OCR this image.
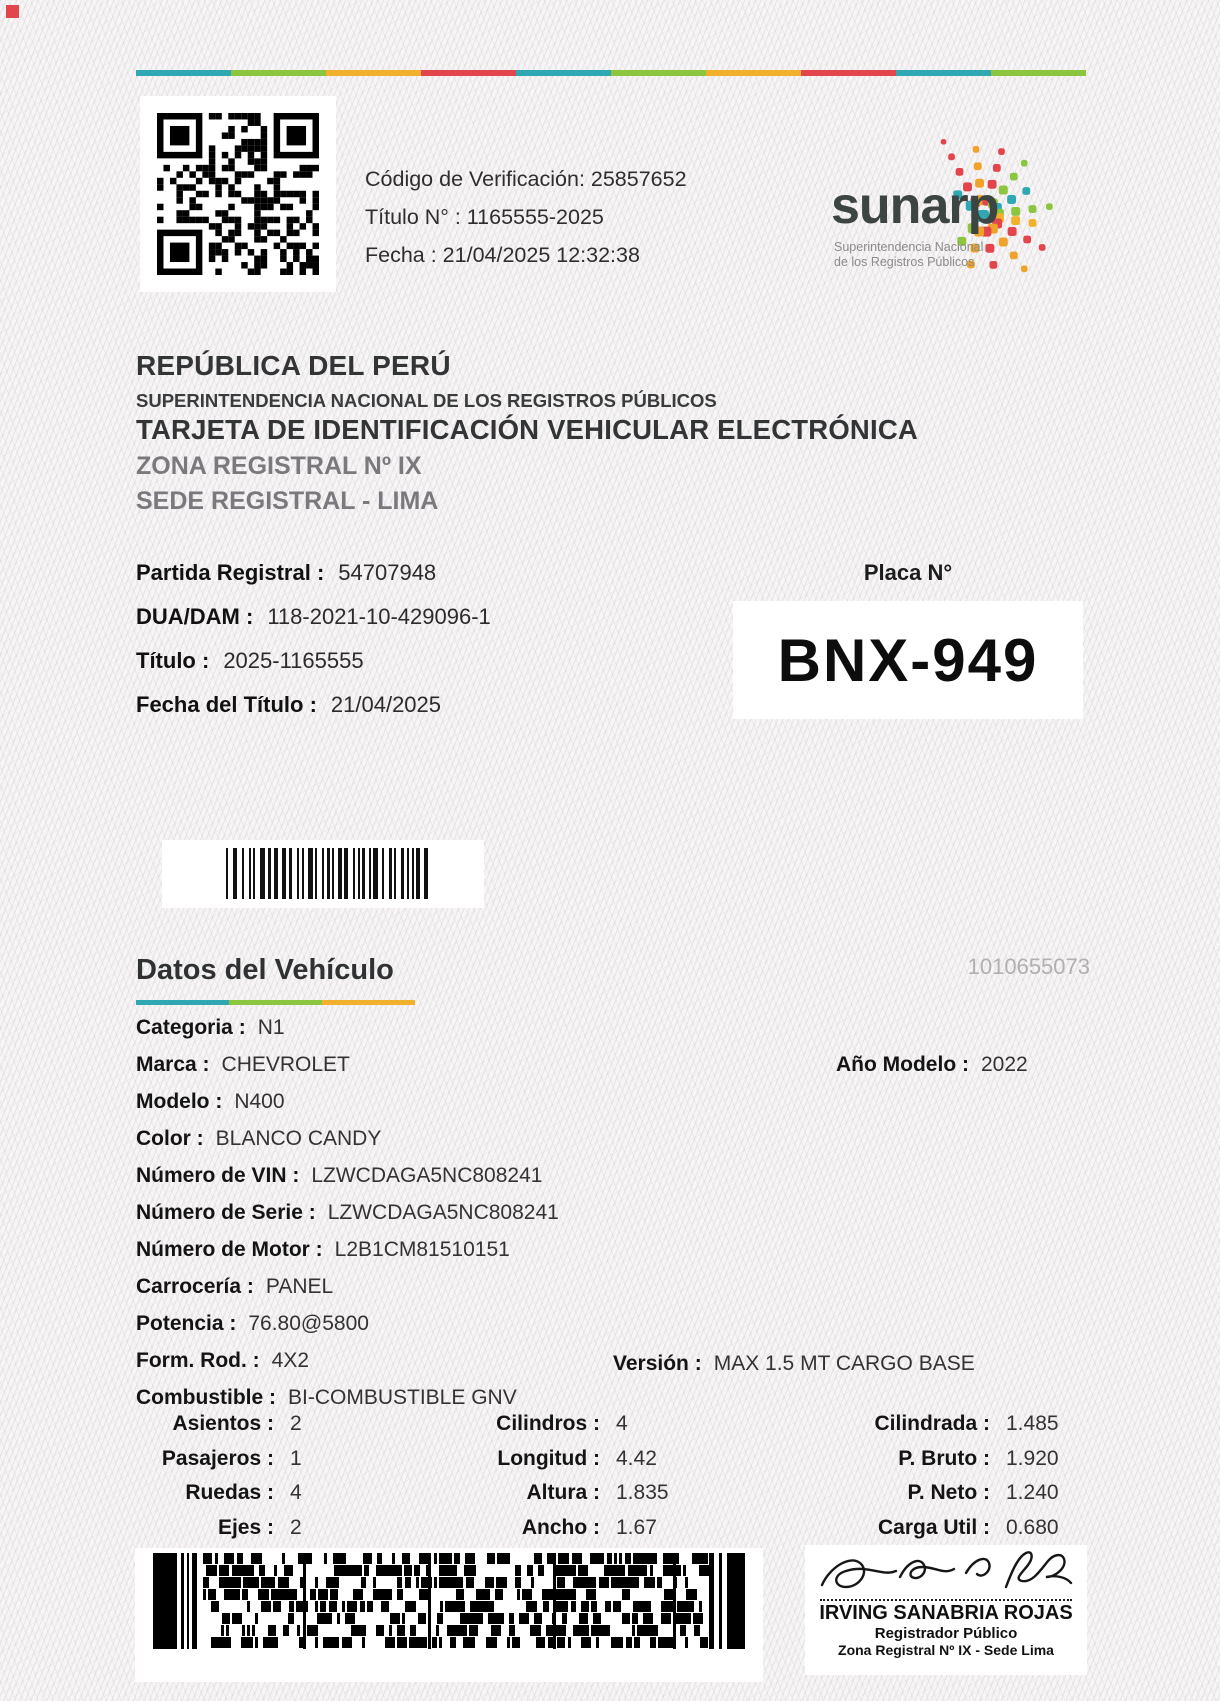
Código de Verificación: 25857652
Título N° : 1165555-2025
Fecha : 21/04/2025 12:32:38
sunarp
Superintendencia Nacional
de los Registros Públicos
REPÚBLICA DEL PERÚ
SUPERINTENDENCIA NACIONAL DE LOS REGISTROS PÚBLICOS
TARJETA DE IDENTIFICACIÓN VEHICULAR ELECTRÓNICA
ZONA REGISTRAL Nº IX
SEDE REGISTRAL - LIMA
Partida Registral : 54707948
DUA/DAM : 118-2021-10-429096-1
Título : 2025-1165555
Fecha del Título : 21/04/2025
Placa N°
BNX-949
Datos del Vehículo	1010655073
Categoria : N1
Marca : CHEVROLET
Modelo : N400
Color : BLANCO CANDY
Número de VIN : LZWCDAGA5NC808241
Número de Serie : LZWCDAGA5NC808241
Número de Motor : L2B1CM81510151
Carrocería : PANEL
Potencia : 76.80@5800
Form. Rod. : 4X2
Combustible : BI-COMBUSTIBLE GNV
Año Modelo : 2022
Versión : MAX 1.5 MT CARGO BASE
Asientos : 2
Pasajeros : 1
Ruedas : 4
Ejes : 2
Cilindros : 4
Longitud : 4.42
Altura : 1.835
Ancho : 1.67
Cilindrada : 1.485
P. Bruto : 1.920
P. Neto : 1.240
Carga Util : 0.680
IRVING SANABRIA ROJAS
Registrador Público
Zona Registral Nº IX - Sede Lima
